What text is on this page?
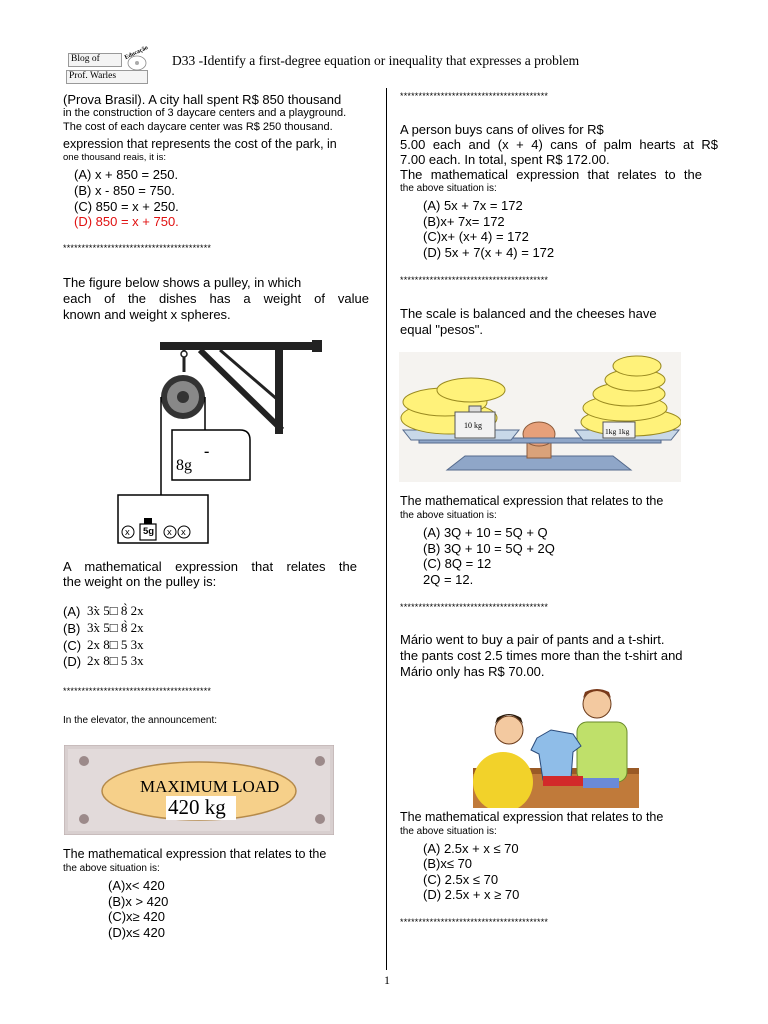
Blog of
Prof. Warles
Educação D33 -Identify a first-degree equation or inequality that expresses a problem
(Prova Brasil). A city hall spent R$ 850 thousand
in the construction of 3 daycare centers and a playground.
The cost of each daycare center was R$ 250 thousand.
expression that represents the cost of the park, in
one thousand reais, it is:
(A) x + 850 = 250.
(B) x - 850 = 750.
(C) 850 = x + 250.
(D) 850 = x + 750.
****************************************
The figure below shows a pulley, in which
each of the dishes has a weight of value
known and weight x spheres.
-
8g
5g
x	x x
A mathematical expression that relates the
the weight on the pulley is:
(A) 3x̀ 5□ 8̀ 2x
(B) 3x̀ 5□ 8̀ 2x
(C) 2x 8□ 5 3x
(D) 2x 8□ 5 3x
****************************************
In the elevator, the announcement:
MAXIMUM LOAD
420 kg
The mathematical expression that relates to the
the above situation is:
(A)x< 420
(B)x > 420
(C)x≥ 420
(D)x≤ 420
****************************************
A person buys cans of olives for R$
5.00 each and (x + 4) cans of palm hearts at R$
7.00 each. In total, spent R$ 172.00.
The mathematical expression that relates to the
the above situation is:
(A) 5x + 7x = 172
(B)x+ 7x= 172
(C)x+ (x+ 4) = 172
(D) 5x + 7(x + 4) = 172
****************************************
The scale is balanced and the cheeses have
equal "pesos".
10 kg
1kg 1kg
The mathematical expression that relates to the
the above situation is:
(A) 3Q + 10 = 5Q + Q
(B) 3Q + 10 = 5Q + 2Q
(C) 8Q = 12
2Q = 12.
****************************************
Mário went to buy a pair of pants and a t-shirt.
the pants cost 2.5 times more than the t-shirt and
Mário only has R$ 70.00.
The mathematical expression that relates to the
the above situation is:
(A) 2.5x + x ≤ 70
(B)x≤ 70
(C) 2.5x ≤ 70
(D) 2.5x + x ≥ 70
****************************************
1
